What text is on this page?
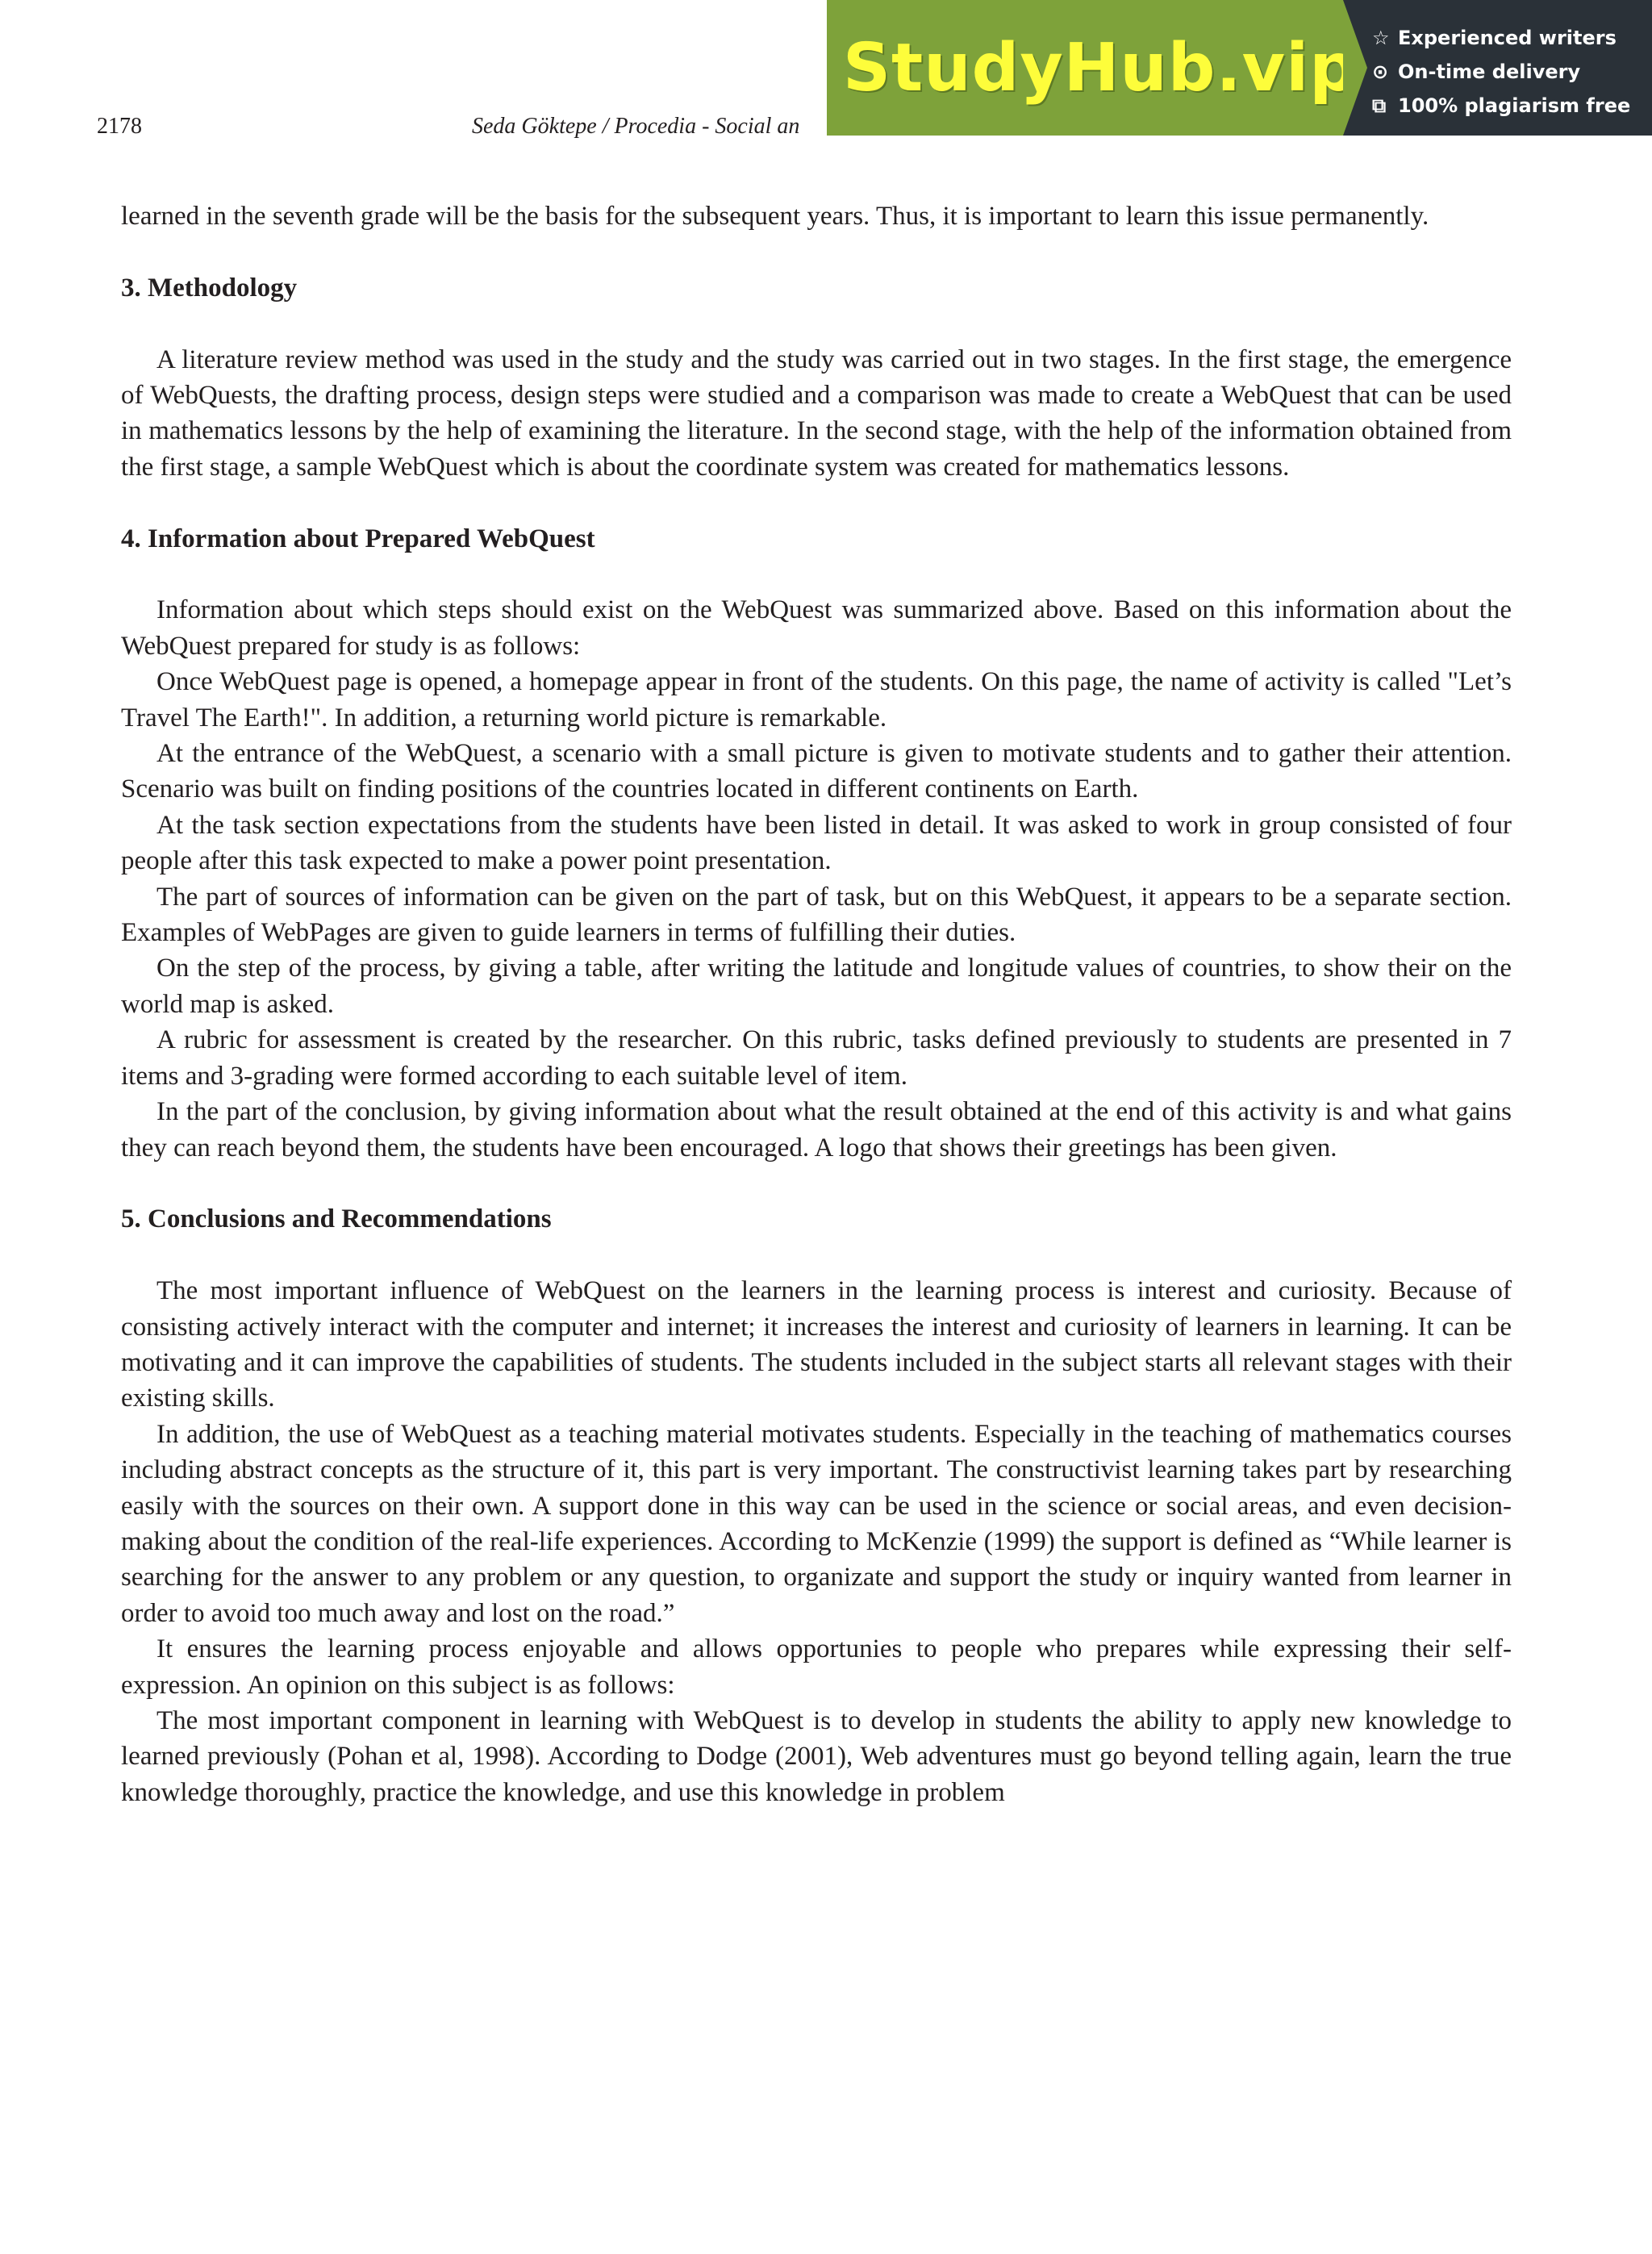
2178	Seda Göktepe / Procedia - Social an
StudyHub.vip ☆ Experienced writers
⊙ On-time delivery
⧉ 100% plagiarism free

learned in the seventh grade will be the basis for the subsequent years. Thus, it is important to learn this issue permanently.

3. Methodology

A literature review method was used in the study and the study was carried out in two stages. In the first stage, the emergence of WebQuests, the drafting process, design steps were studied and a comparison was made to create a WebQuest that can be used in mathematics lessons by the help of examining the literature. In the second stage, with the help of the information obtained from the first stage, a sample WebQuest which is about the coordinate system was created for mathematics lessons.

4. Information about Prepared WebQuest

Information about which steps should exist on the WebQuest was summarized above. Based on this information about the WebQuest prepared for study is as follows:

Once WebQuest page is opened, a homepage appear in front of the students. On this page, the name of activity is called "Let’s Travel The Earth!". In addition, a returning world picture is remarkable.

At the entrance of the WebQuest, a scenario with a small picture is given to motivate students and to gather their attention. Scenario was built on finding positions of the countries located in different continents on Earth.

At the task section expectations from the students have been listed in detail. It was asked to work in group consisted of four people after this task expected to make a power point presentation.

The part of sources of information can be given on the part of task, but on this WebQuest, it appears to be a separate section. Examples of WebPages are given to guide learners in terms of fulfilling their duties.

On the step of the process, by giving a table, after writing the latitude and longitude values of countries, to show their on the world map is asked.

A rubric for assessment is created by the researcher. On this rubric, tasks defined previously to students are presented in 7 items and 3-grading were formed according to each suitable level of item.

In the part of the conclusion, by giving information about what the result obtained at the end of this activity is and what gains they can reach beyond them, the students have been encouraged. A logo that shows their greetings has been given.

5. Conclusions and Recommendations

The most important influence of WebQuest on the learners in the learning process is interest and curiosity. Because of consisting actively interact with the computer and internet; it increases the interest and curiosity of learners in learning. It can be motivating and it can improve the capabilities of students. The students included in the subject starts all relevant stages with their existing skills.

In addition, the use of WebQuest as a teaching material motivates students. Especially in the teaching of mathematics courses including abstract concepts as the structure of it, this part is very important. The constructivist learning takes part by researching easily with the sources on their own. A support done in this way can be used in the science or social areas, and even decision-making about the condition of the real-life experiences. According to McKenzie (1999) the support is defined as “While learner is searching for the answer to any problem or any question, to organizate and support the study or inquiry wanted from learner in order to avoid too much away and lost on the road.”

It ensures the learning process enjoyable and allows opportunies to people who prepares while expressing their self-expression. An opinion on this subject is as follows:

The most important component in learning with WebQuest is to develop in students the ability to apply new knowledge to learned previously (Pohan et al, 1998). According to Dodge (2001), Web adventures must go beyond telling again, learn the true knowledge thoroughly, practice the knowledge, and use this knowledge in problem
